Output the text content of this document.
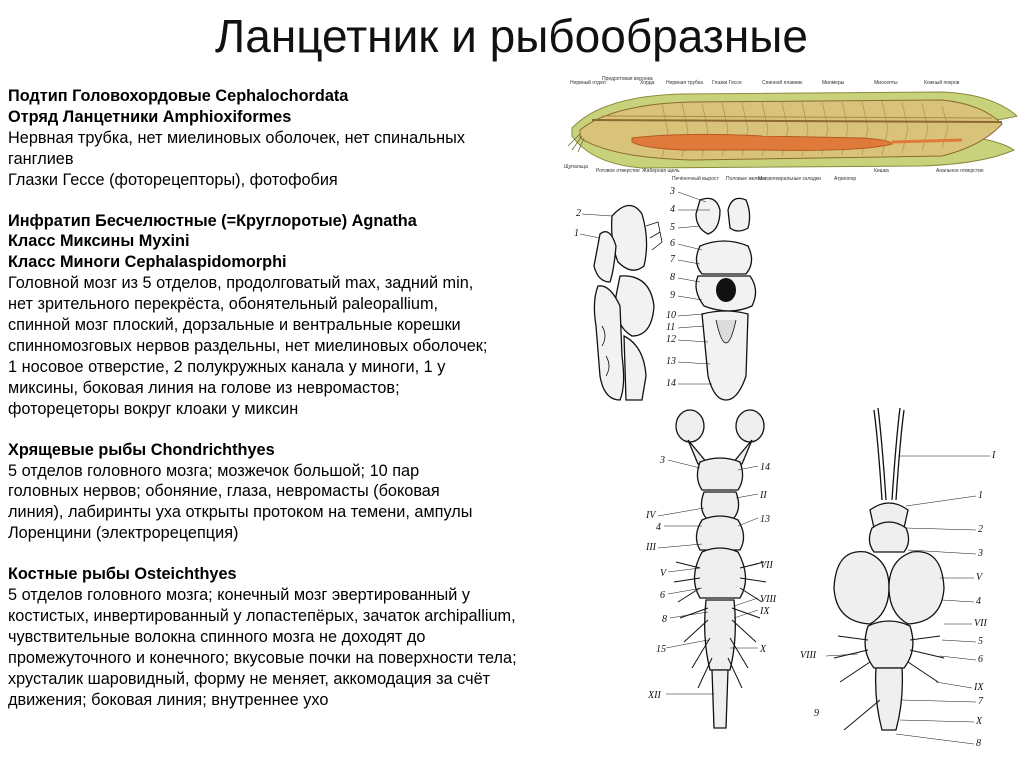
Ланцетник и рыбообразные

Подтип Головохордовые Cephalochordata

Отряд Ланцетники Amphioxiformes

Нервная трубка, нет миелиновых оболочек, нет спинальных

ганглиев

Глазки Гессе (фоторецепторы), фотофобия

Инфратип Бесчелюстные (=Круглоротые) Agnatha

Класс Миксины Myxini

Класс Миноги Cephalaspidomorphi

Головной мозг из 5 отделов, продолговатый max, задний min,

нет зрительного перекрёста, обонятельный paleopallium,

спинной мозг плоский, дорзальные и вентральные корешки

спинномозговых нервов раздельны, нет миелиновых оболочек;

1 носовое отверстие, 2 полукружных канала у миноги, 1 у

миксины, боковая линия на голове из невромастов;

фоторецеторы вокруг клоаки у миксин

Хрящевые рыбы Chondrichthyes

5 отделов головного мозга; мозжечок большой; 10 пар

головных нервов; обоняние, глаза, невромасты (боковая

линия), лабиринты уха открыты протоком на темени, ампулы

Лоренцини (электрорецепция)

Костные рыбы Osteichthyes

5 отделов головного мозга; конечный мозг эвертированный у

костистых, инвертированный у лопастепёрых, зачаток archipallium,

чувствительные волокна спинного мозга не доходят до

промежуточного и конечного; вкусовые почки на поверхности тела;

хрусталик шаровидный, форму не меняет, аккомодация за счёт

движения; боковая линия; внутреннее ухо

Нервный отдел
Предротовая воронка
Хорда Нервная трубка Глазки Гессе	Спинной плавник	Миомеры	Миосепты	Кожный покров
Щупальца
Ротовое отверстие Жаберная щель
Печёночный вырост Половые железы
Метаплевральные складки	Атриопор
Кишка	Анальное отверстие
2
1
3
4
5
6
7
8
9
10
11
12
13
14
3
IV
4
III
V
6
8
15
XII
14
II
13
VII
VIII
IX
X
I
1
2
3
V
4
VII
5
6
IX
7
X
8
VIII
9
